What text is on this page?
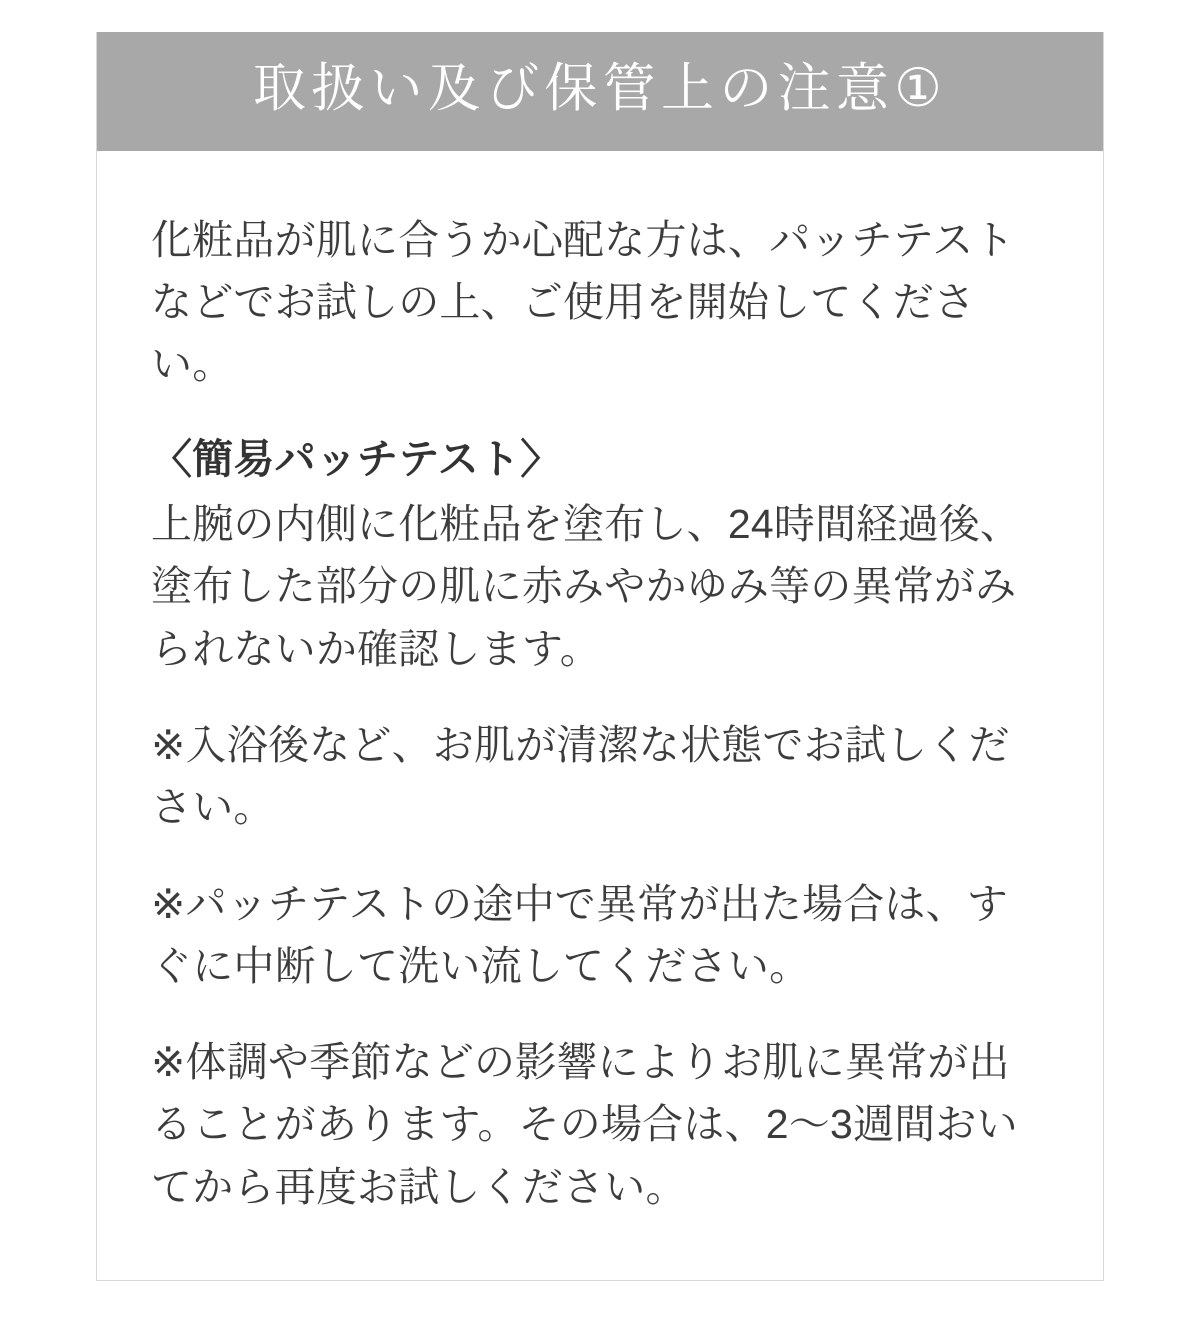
取扱い及び保管上の注意①

化粧品が肌に合うか心配な方は、パッチテストなどでお試しの上、ご使用を開始してください。

〈簡易パッチテスト〉

上腕の内側に化粧品を塗布し、24時間経過後、塗布した部分の肌に赤みやかゆみ等の異常がみられないか確認します。

※入浴後など、お肌が清潔な状態でお試しください。

※パッチテストの途中で異常が出た場合は、すぐに中断して洗い流してください。

※体調や季節などの影響によりお肌に異常が出ることがあります。その場合は、2〜3週間おいてから再度お試しください。
